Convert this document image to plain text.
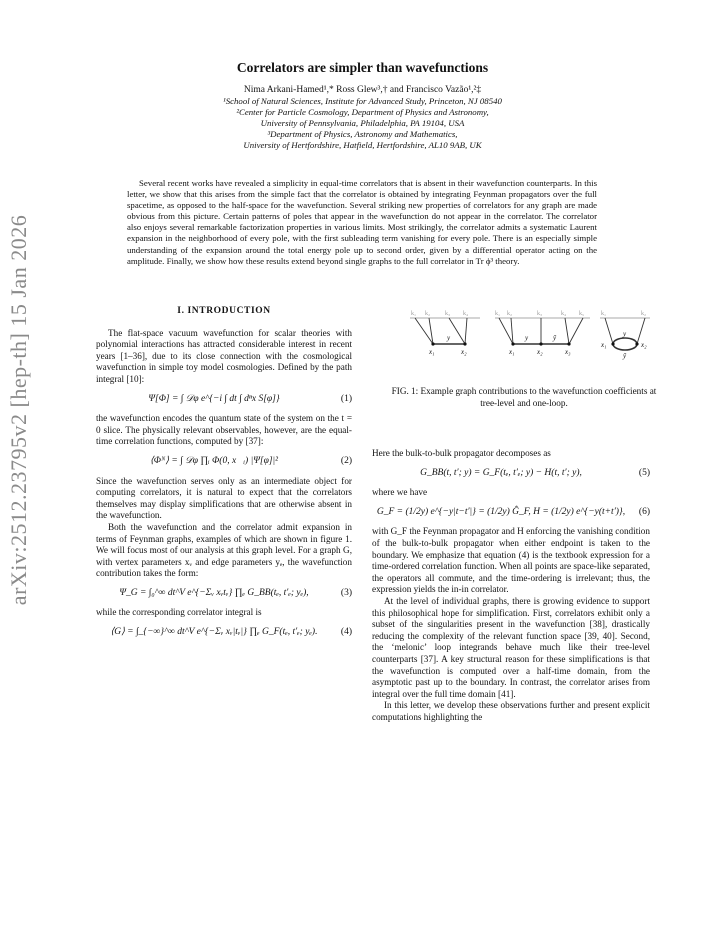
arXiv:2512.23795v2 [hep-th] 15 Jan 2026
Correlators are simpler than wavefunctions
Nima Arkani-Hamed¹,* Ross Glew³,† and Francisco Vazão¹,²‡
¹School of Natural Sciences, Institute for Advanced Study, Princeton, NJ 08540
²Center for Particle Cosmology, Department of Physics and Astronomy,
University of Pennsylvania, Philadelphia, PA 19104, USA
³Department of Physics, Astronomy and Mathematics,
University of Hertfordshire, Hatfield, Hertfordshire, AL10 9AB, UK
Several recent works have revealed a simplicity in equal-time correlators that is absent in their wavefunction counterparts. In this letter, we show that this arises from the simple fact that the correlator is obtained by integrating Feynman propagators over the full spacetime, as opposed to the half-space for the wavefunction. Several striking new properties of correlators for any graph are made obvious from this picture. Certain patterns of poles that appear in the wavefunction do not appear in the correlator. The correlator also enjoys several remarkable factorization properties in various limits. Most strikingly, the correlator admits a systematic Laurent expansion in the neighborhood of every pole, with the first subleading term vanishing for every pole. There is an especially simple understanding of the expansion around the total energy pole up to second order, given by a differential operator acting on the amplitude. Finally, we show how these results extend beyond single graphs to the full correlator in Tr ϕ³ theory.
I. INTRODUCTION

The flat-space vacuum wavefunction for scalar theories with polynomial interactions has attracted considerable interest in recent years [1–36], due to its close connection with the cosmological wavefunction in simple toy model cosmologies. Defined by the path integral [10]:

Ψ[Φ] = ∫ 𝒟φ e^{−i ∫ dt ∫ dⁿx S[φ]}	(1)

the wavefunction encodes the quantum state of the system on the t = 0 slice. The physically relevant observables, however, are the equal-time correlation functions, computed by [37]:

⟨Φᴺ⟩ = ∫ 𝒟φ ∏ᵢ Φ(0, x⃗ᵢ) |Ψ[φ]|²	(2)

Since the wavefunction serves only as an intermediate object for computing correlators, it is natural to expect that the correlators themselves may display simplifications that are otherwise absent in the wavefunction.

Both the wavefunction and the correlator admit expansion in terms of Feynman graphs, examples of which are shown in figure 1. We will focus most of our analysis at this graph level. For a graph G, with vertex parameters xᵥ and edge parameters yₑ, the wavefunction contribution takes the form:

Ψ_G = ∫₀^∞ dt^V e^{−Σᵥ xᵥtᵥ} ∏ₑ G_BB(tₑ, t′ₑ; yₑ),	(3)

while the corresponding correlator integral is

⟨G⟩ = ∫_{−∞}^∞ dt^V e^{−Σᵥ xᵥ|tᵥ|} ∏ₑ G_F(tₑ, t′ₑ; yₑ).	(4)
k₁ k₂ k₃ k₄	k₁ k₂	k₃	k₄ k₅	k₁	k₂
y	y	ỹ	y
ỹ
x₁	x₂	x₁	x₂	x₃
x₁	x₂
FIG. 1: Example graph contributions to the wavefunction coefficients at tree-level and one-loop.

Here the bulk-to-bulk propagator decomposes as

G_BB(t, t′; y) = G_F(tₑ, t′ₑ; y) − H(t, t′; y),	(5)

where we have

G_F = (1/2y) e^{−y|t−t′|} = (1/2y) Ĝ_F, H = (1/2y) e^{−y(t+t′)},	(6)

with G_F the Feynman propagator and H enforcing the vanishing condition of the bulk-to-bulk propagator when either endpoint is taken to the boundary. We emphasize that equation (4) is the textbook expression for a time-ordered correlation function. When all points are space-like separated, the operators all commute, and the time-ordering is irrelevant; thus, the expression yields the in-in correlator.

At the level of individual graphs, there is growing evidence to support this philosophical hope for simplification. First, correlators exhibit only a subset of the singularities present in the wavefunction [38], drastically reducing the complexity of the relevant function space [39, 40]. Second, the ‘melonic’ loop integrands behave much like their tree-level counterparts [37]. A key structural reason for these simplifications is that the wavefunction is computed over a half-time domain, from the asymptotic past up to the boundary. In contrast, the correlator arises from integral over the full time domain [41].

In this letter, we develop these observations further and present explicit computations highlighting the
